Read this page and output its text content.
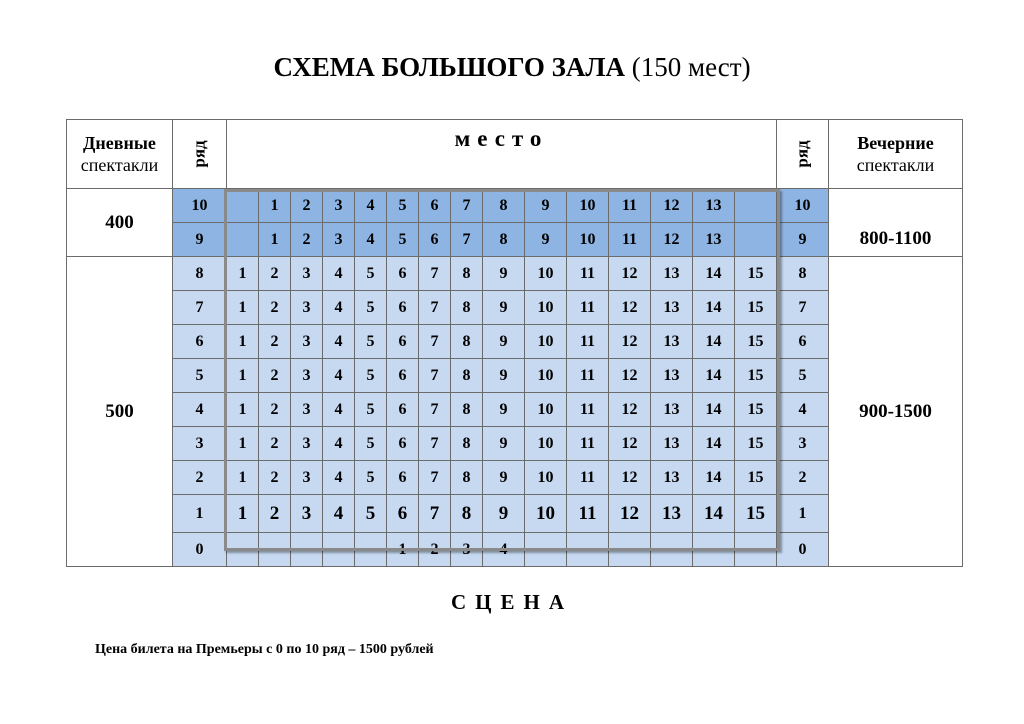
СХЕМА БОЛЬШОГО ЗАЛА (150 мест)
Дневные
спектакли	ряд	место															ряд	Вечерние
спектакли
400	10		1	2	3	4	5	6	7	8	9	10	11	12	13		10	800-1100
	9		1	2	3	4	5	6	7	8	9	10	11	12	13		9	
500	8	1	2	3	4	5	6	7	8	9	10	11	12	13	14	15	8	900-1500
	7	1	2	3	4	5	6	7	8	9	10	11	12	13	14	15	7	
	6	1	2	3	4	5	6	7	8	9	10	11	12	13	14	15	6	
	5	1	2	3	4	5	6	7	8	9	10	11	12	13	14	15	5	
	4	1	2	3	4	5	6	7	8	9	10	11	12	13	14	15	4	
	3	1	2	3	4	5	6	7	8	9	10	11	12	13	14	15	3	
	2	1	2	3	4	5	6	7	8	9	10	11	12	13	14	15	2	
	1	1	2	3	4	5	6	7	8	9	10	11	12	13	14	15	1	
	0						1	2	3	4							0	
СЦЕНА
Цена билета на Премьеры с 0 по 10 ряд – 1500 рублей
